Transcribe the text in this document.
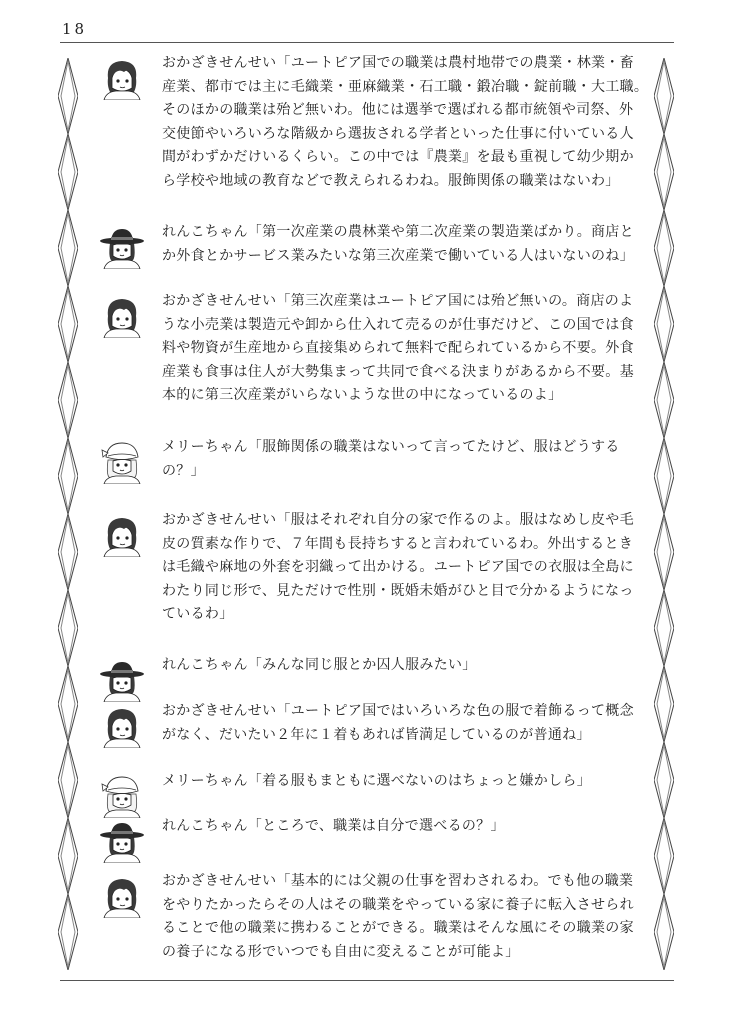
18
おかざきせんせい「ユートピア国での職業は農村地帯での農業・林業・畜
産業、都市では主に毛織業・亜麻織業・石工職・鍛冶職・錠前職・大工職。
そのほかの職業は殆ど無いわ。他には選挙で選ばれる都市統領や司祭、外
交使節やいろいろな階級から選抜される学者といった仕事に付いている人
間がわずかだけいるくらい。この中では『農業』を最も重視して幼少期か
ら学校や地域の教育などで教えられるわね。服飾関係の職業はないわ」
れんこちゃん「第一次産業の農林業や第二次産業の製造業ばかり。商店と
か外食とかサービス業みたいな第三次産業で働いている人はいないのね」
おかざきせんせい「第三次産業はユートピア国には殆ど無いの。商店のよ
うな小売業は製造元や卸から仕入れて売るのが仕事だけど、この国では食
料や物資が生産地から直接集められて無料で配られているから不要。外食
産業も食事は住人が大勢集まって共同で食べる決まりがあるから不要。基
本的に第三次産業がいらないような世の中になっているのよ」
メリーちゃん「服飾関係の職業はないって言ってたけど、服はどうする
の？」
おかざきせんせい「服はそれぞれ自分の家で作るのよ。服はなめし皮や毛
皮の質素な作りで、７年間も長持ちすると言われているわ。外出するとき
は毛織や麻地の外套を羽織って出かける。ユートピア国での衣服は全島に
わたり同じ形で、見ただけで性別・既婚未婚がひと目で分かるようになっ
ているわ」
れんこちゃん「みんな同じ服とか囚人服みたい」
おかざきせんせい「ユートピア国ではいろいろな色の服で着飾るって概念
がなく、だいたい２年に１着もあれば皆満足しているのが普通ね」
メリーちゃん「着る服もまともに選べないのはちょっと嫌かしら」
れんこちゃん「ところで、職業は自分で選べるの？」
おかざきせんせい「基本的には父親の仕事を習わされるわ。でも他の職業
をやりたかったらその人はその職業をやっている家に養子に転入させられ
ることで他の職業に携わることができる。職業はそんな風にその職業の家
の養子になる形でいつでも自由に変えることが可能よ」
